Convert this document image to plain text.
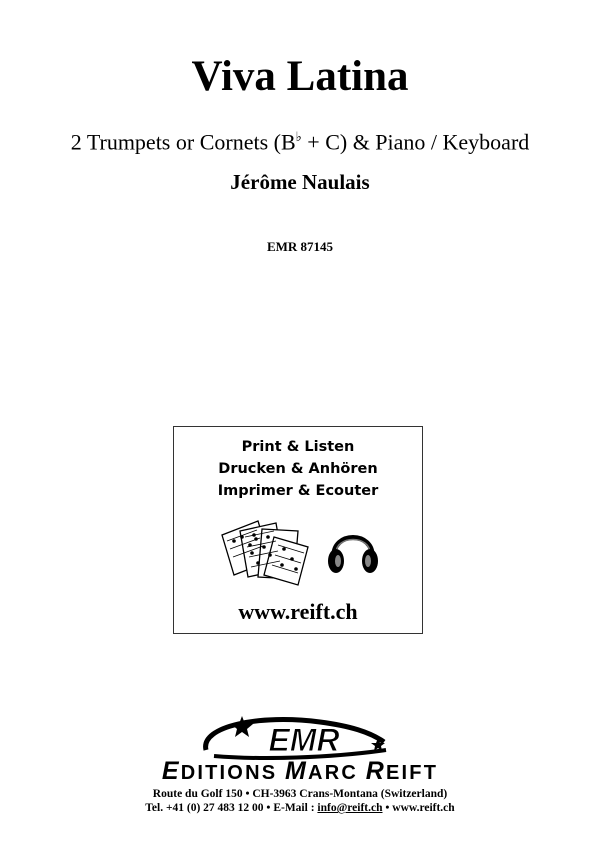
Viva Latina
2 Trumpets or Cornets (B♭ + C) & Piano / Keyboard
Jérôme Naulais
EMR 87145
Print & Listen
Drucken & Anhören
Imprimer & Ecouter
www.reift.ch
EMR
EDITIONS MARC REIFT
Route du Golf 150 • CH-3963 Crans-Montana (Switzerland)
Tel. +41 (0) 27 483 12 00 • E-Mail : info@reift.ch • www.reift.ch
